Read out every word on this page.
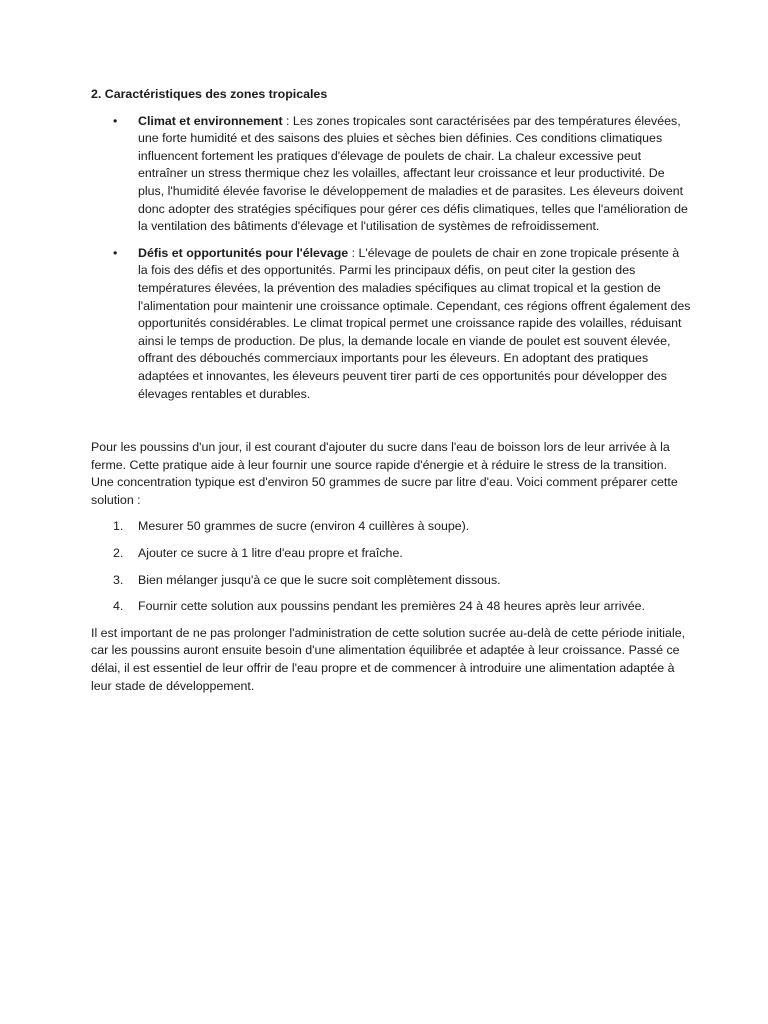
2. Caractéristiques des zones tropicales
• Climat et environnement : Les zones tropicales sont caractérisées par des températures élevées, une forte humidité et des saisons des pluies et sèches bien définies. Ces conditions climatiques influencent fortement les pratiques d'élevage de poulets de chair. La chaleur excessive peut entraîner un stress thermique chez les volailles, affectant leur croissance et leur productivité. De plus, l'humidité élevée favorise le développement de maladies et de parasites. Les éleveurs doivent donc adopter des stratégies spécifiques pour gérer ces défis climatiques, telles que l'amélioration de la ventilation des bâtiments d'élevage et l'utilisation de systèmes de refroidissement.
• Défis et opportunités pour l'élevage : L'élevage de poulets de chair en zone tropicale présente à la fois des défis et des opportunités. Parmi les principaux défis, on peut citer la gestion des températures élevées, la prévention des maladies spécifiques au climat tropical et la gestion de l'alimentation pour maintenir une croissance optimale. Cependant, ces régions offrent également des opportunités considérables. Le climat tropical permet une croissance rapide des volailles, réduisant ainsi le temps de production. De plus, la demande locale en viande de poulet est souvent élevée, offrant des débouchés commerciaux importants pour les éleveurs. En adoptant des pratiques adaptées et innovantes, les éleveurs peuvent tirer parti de ces opportunités pour développer des élevages rentables et durables.

Pour les poussins d'un jour, il est courant d'ajouter du sucre dans l'eau de boisson lors de leur arrivée à la ferme. Cette pratique aide à leur fournir une source rapide d'énergie et à réduire le stress de la transition. Une concentration typique est d'environ 50 grammes de sucre par litre d'eau. Voici comment préparer cette solution :

1. Mesurer 50 grammes de sucre (environ 4 cuillères à soupe).
2. Ajouter ce sucre à 1 litre d'eau propre et fraîche.
3. Bien mélanger jusqu'à ce que le sucre soit complètement dissous.
4. Fournir cette solution aux poussins pendant les premières 24 à 48 heures après leur arrivée.

Il est important de ne pas prolonger l'administration de cette solution sucrée au-delà de cette période initiale, car les poussins auront ensuite besoin d'une alimentation équilibrée et adaptée à leur croissance. Passé ce délai, il est essentiel de leur offrir de l'eau propre et de commencer à introduire une alimentation adaptée à leur stade de développement.
